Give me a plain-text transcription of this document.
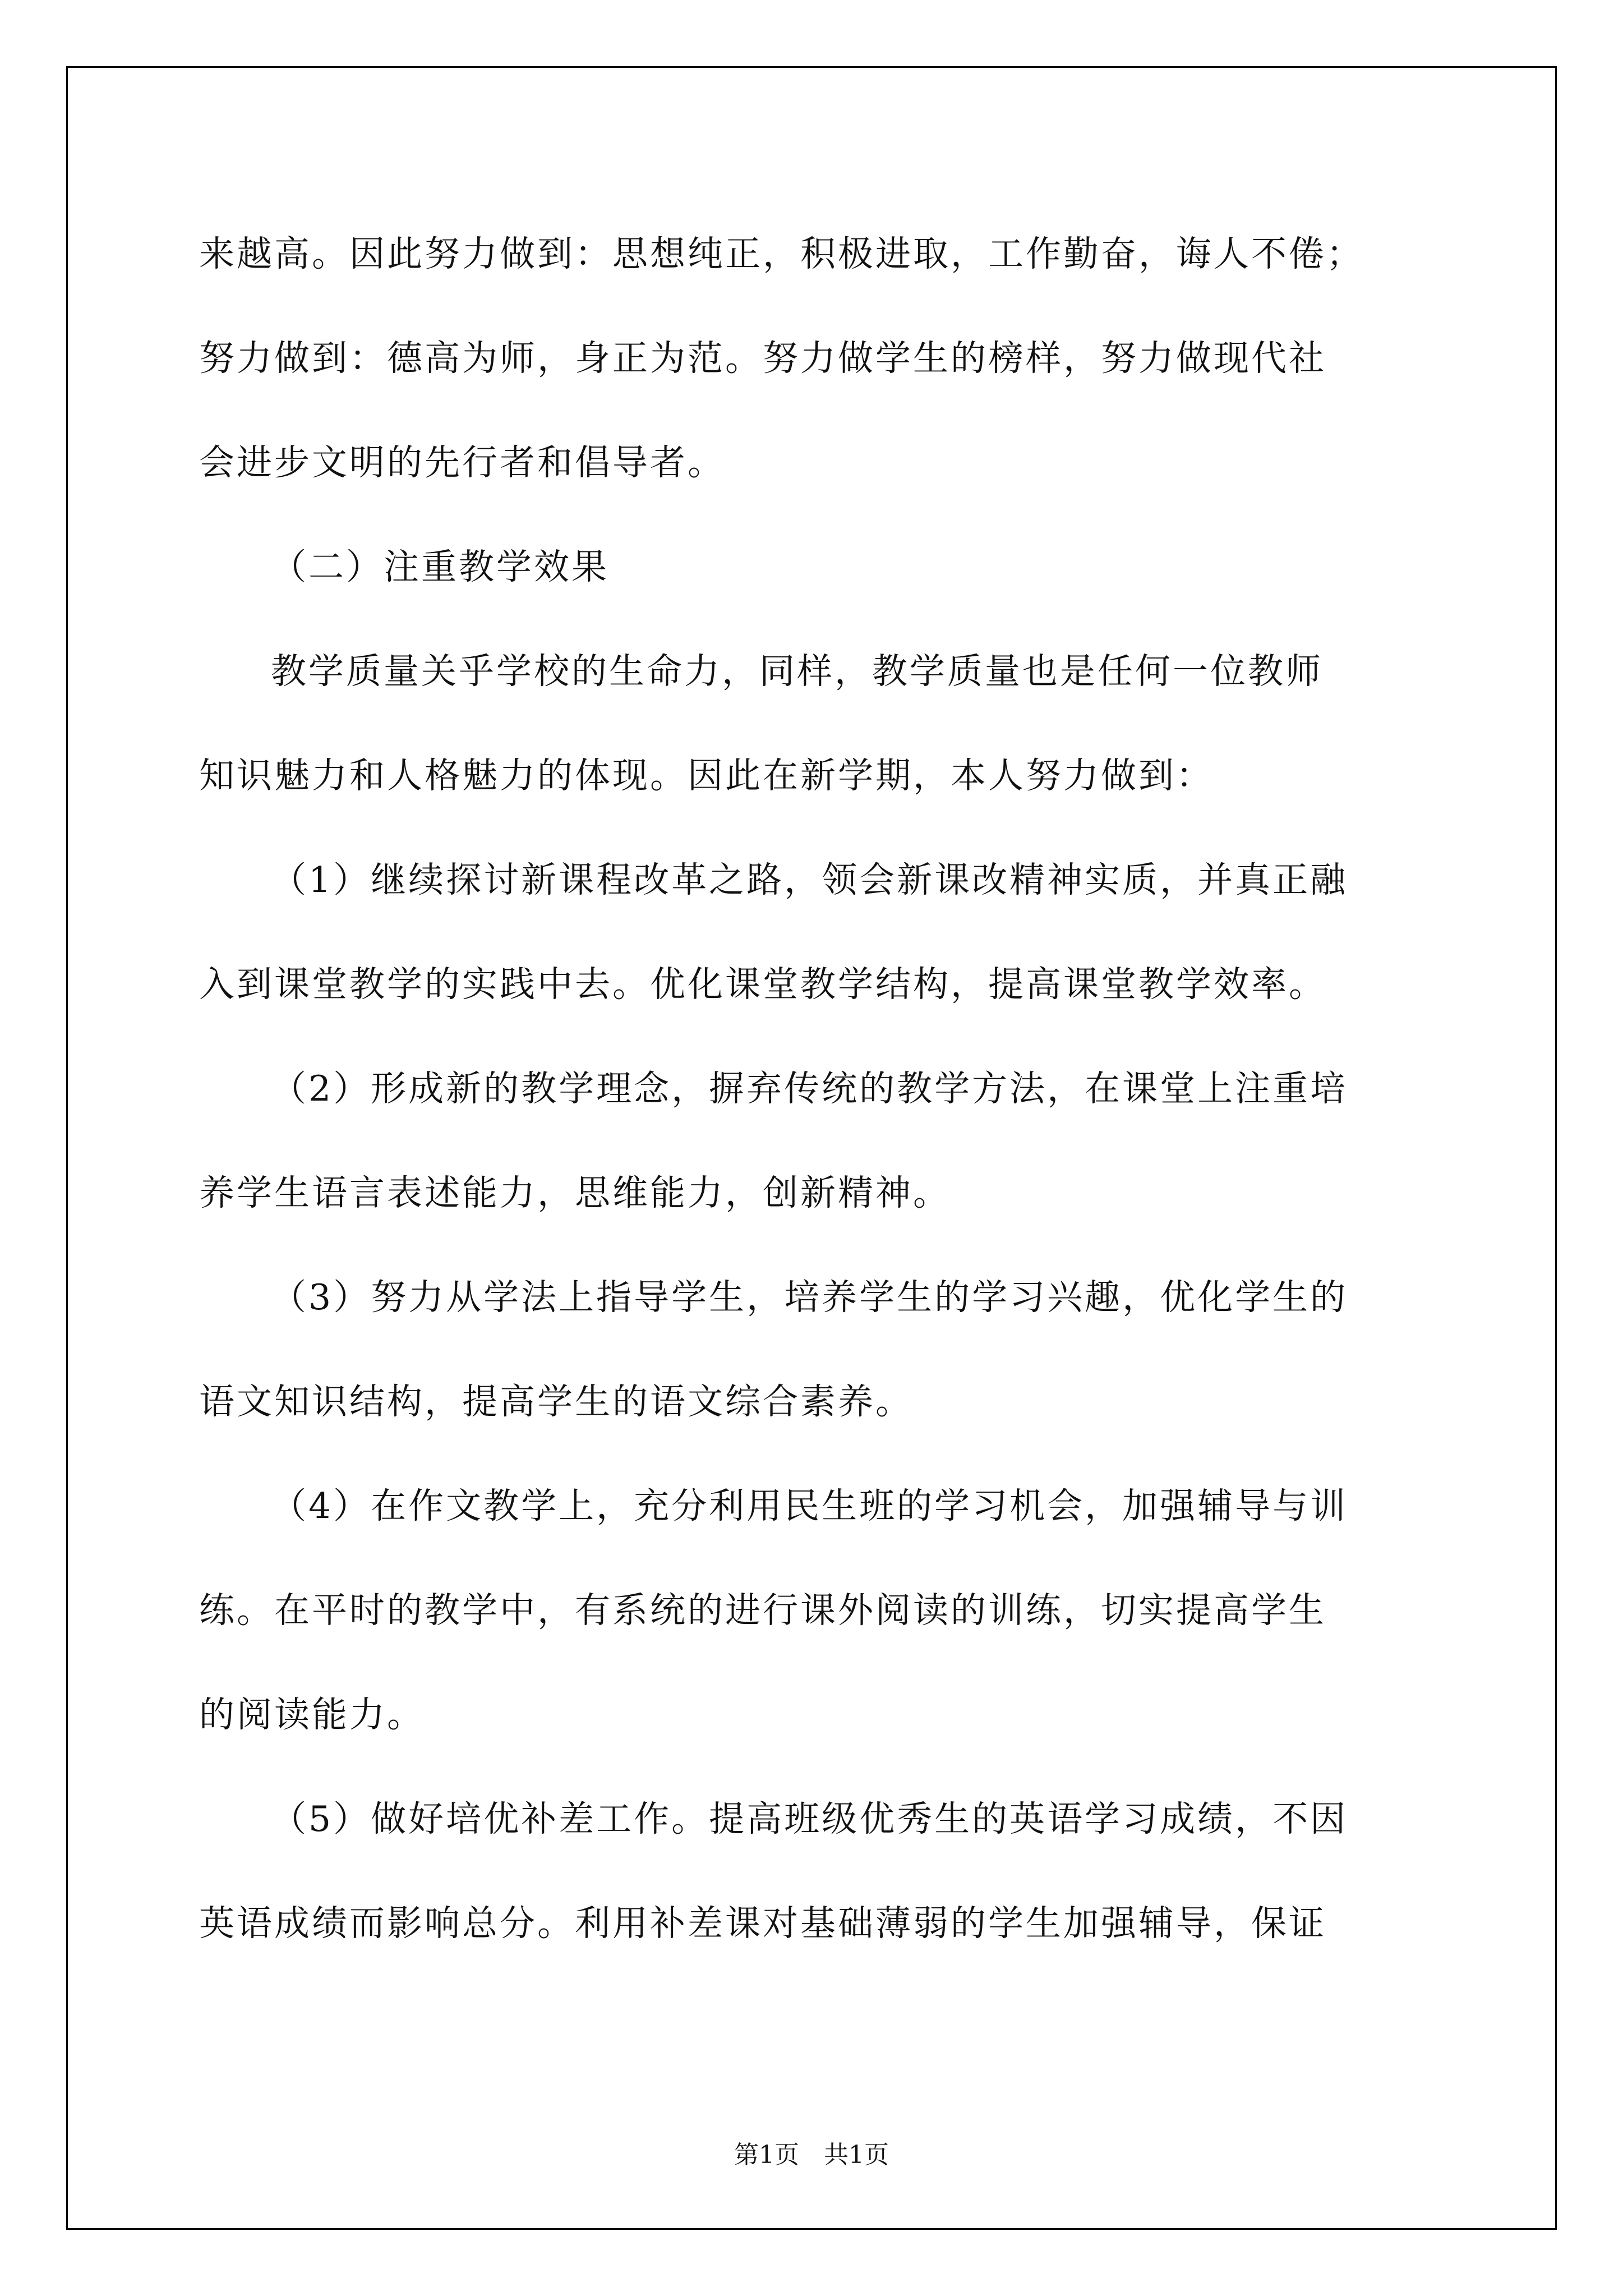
来越高。因此努力做到：思想纯正，积极进取，工作勤奋，诲人不倦；
努力做到：德高为师，身正为范。努力做学生的榜样，努力做现代社
会进步文明的先行者和倡导者。
（二）注重教学效果
教学质量关乎学校的生命力，同样，教学质量也是任何一位教师
知识魅力和人格魅力的体现。因此在新学期，本人努力做到：
（1）继续探讨新课程改革之路，领会新课改精神实质，并真正融
入到课堂教学的实践中去。优化课堂教学结构，提高课堂教学效率。
（2）形成新的教学理念，摒弃传统的教学方法，在课堂上注重培
养学生语言表述能力，思维能力，创新精神。
（3）努力从学法上指导学生，培养学生的学习兴趣，优化学生的
语文知识结构，提高学生的语文综合素养。
（4）在作文教学上，充分利用民生班的学习机会，加强辅导与训
练。在平时的教学中，有系统的进行课外阅读的训练，切实提高学生
的阅读能力。
（5）做好培优补差工作。提高班级优秀生的英语学习成绩，不因
英语成绩而影响总分。利用补差课对基础薄弱的学生加强辅导，保证
第1页　共1页
